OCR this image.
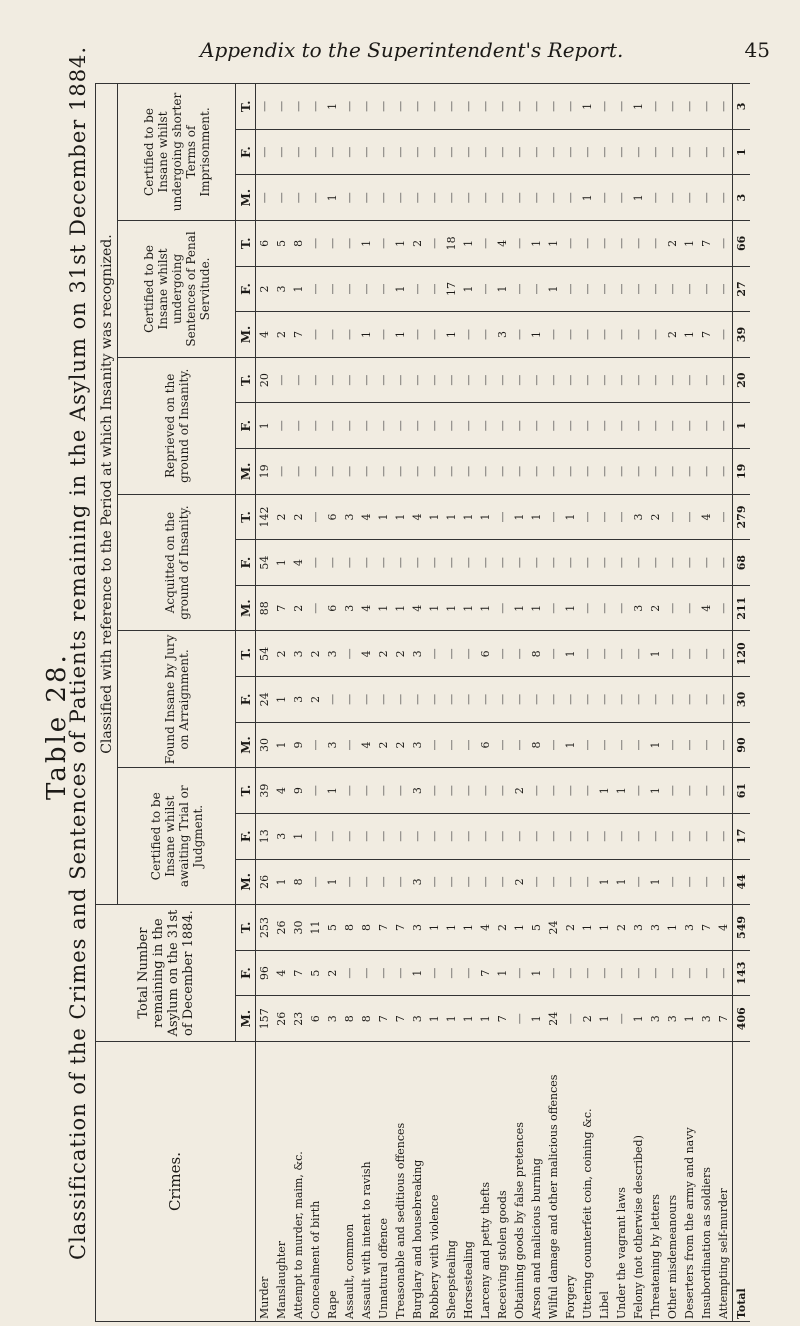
Appendix to the Superintendent's Report.	45
Table 28.
Classification of the Crimes and Sentences of Patients remaining in the Asylum on 31st December 1884.	Crimes.	Total Number remaining in the Asylum on the 31st of December 1884.			Classified with reference to the Period at which Insanity was recognized.																	
				Certified to be Insane whilst awaiting Trial or Judgment.			Found Insane by Jury on Arraignment.			Acquitted on the ground of Insanity.			Reprieved on the ground of Insanity.			Certified to be Insane whilst undergoing Sentences of Penal Servitude.			Certified to be Insane whilst undergoing shorter Terms of Imprisonment.		
	M.	F.	T.	M.	F.	T.	M.	F.	T.	M.	F.	T.	M.	F.	T.	M.	F.	T.	M.	F.	T.
Murder	157	96	253	26	13	39	30	24	54	88	54	142	19	1	20	4	2	6	—	—	—
Manslaughter	26	4	26	1	3	4	1	1	2	7	1	2	—	—	—	2	3	5	—	—	—
Attempt to murder, maim, &c.	23	7	30	8	1	9	9	3	3	2	4	2	—	—	—	7	1	8	—	—	—
Concealment of birth	6	5	11	—	—	—	—	2	2	—	—	—	—	—	—	—	—	—	—	—	—
Rape	3	2	5	1	—	1	3	—	3	6	—	6	—	—	—	—	—	—	1	—	1
Assault, common	8	—	8	—	—	—	—	—	—	3	—	3	—	—	—	—	—	—	—	—	—
Assault with intent to ravish	8	—	8	—	—	—	4	—	4	4	—	4	—	—	—	1	—	1	—	—	—
Unnatural offence	7	—	7	—	—	—	2	—	2	1	—	1	—	—	—	—	—	—	—	—	—
Treasonable and seditious offences	7	—	7	—	—	—	2	—	2	1	—	1	—	—	—	1	1	1	—	—	—
Burglary and housebreaking	3	1	3	3	—	3	3	—	3	4	—	4	—	—	—	—	—	2	—	—	—
Robbery with violence	1	—	1	—	—	—	—	—	—	1	—	1	—	—	—	—	—	—	—	—	—
Sheepstealing	1	—	1	—	—	—	—	—	—	1	—	1	—	—	—	1	17	18	—	—	—
Horsestealing	1	—	1	—	—	—	—	—	—	1	—	1	—	—	—	—	1	1	—	—	—
Larceny and petty thefts	1	7	4	—	—	—	6	—	6	1	—	1	—	—	—	—	—	—	—	—	—
Receiving stolen goods	7	1	2	—	—	—	—	—	—	—	—	—	—	—	—	3	1	4	—	—	—
Obtaining goods by false pretences	—	—	1	2	—	2	—	—	—	1	—	1	—	—	—	—	—	—	—	—	—
Arson and malicious burning	1	1	5	—	—	—	8	—	8	1	—	1	—	—	—	1	—	1	—	—	—
Wilful damage and other malicious offences	24	—	24	—	—	—	—	—	—	—	—	—	—	—	—	—	1	1	—	—	—
Forgery	—	—	2	—	—	—	1	—	1	1	—	1	—	—	—	—	—	—	—	—	—
Uttering counterfeit coin, coining &c.	2	—	1	—	—	—	—	—	—	—	—	—	—	—	—	—	—	—	1	—	1
Libel	1	—	1	1	—	1	—	—	—	—	—	—	—	—	—	—	—	—	—	—	—
Under the vagrant laws	—	—	2	1	—	1	—	—	—	—	—	—	—	—	—	—	—	—	—	—	—
Felony (not otherwise described)	1	—	3	—	—	—	—	—	—	3	—	3	—	—	—	—	—	—	1	—	1
Threatening by letters	3	—	3	1	—	1	1	—	1	2	—	2	—	—	—	—	—	—	—	—	—
Other misdemeanours	3	—	1	—	—	—	—	—	—	—	—	—	—	—	—	2	—	2	—	—	—
Deserters from the army and navy	1	—	3	—	—	—	—	—	—	—	—	—	—	—	—	1	—	1	—	—	—
Insubordination as soldiers	3	—	7	—	—	—	—	—	—	4	—	4	—	—	—	7	—	7	—	—	—
Attempting self-murder	7	—	4	—	—	—	—	—	—	—	—	—	—	—	—	—	—	—	—	—	—
Total	406	143	549	44	17	61	90	30	120	211	68	279	19	1	20	39	27	66	3	1	3
